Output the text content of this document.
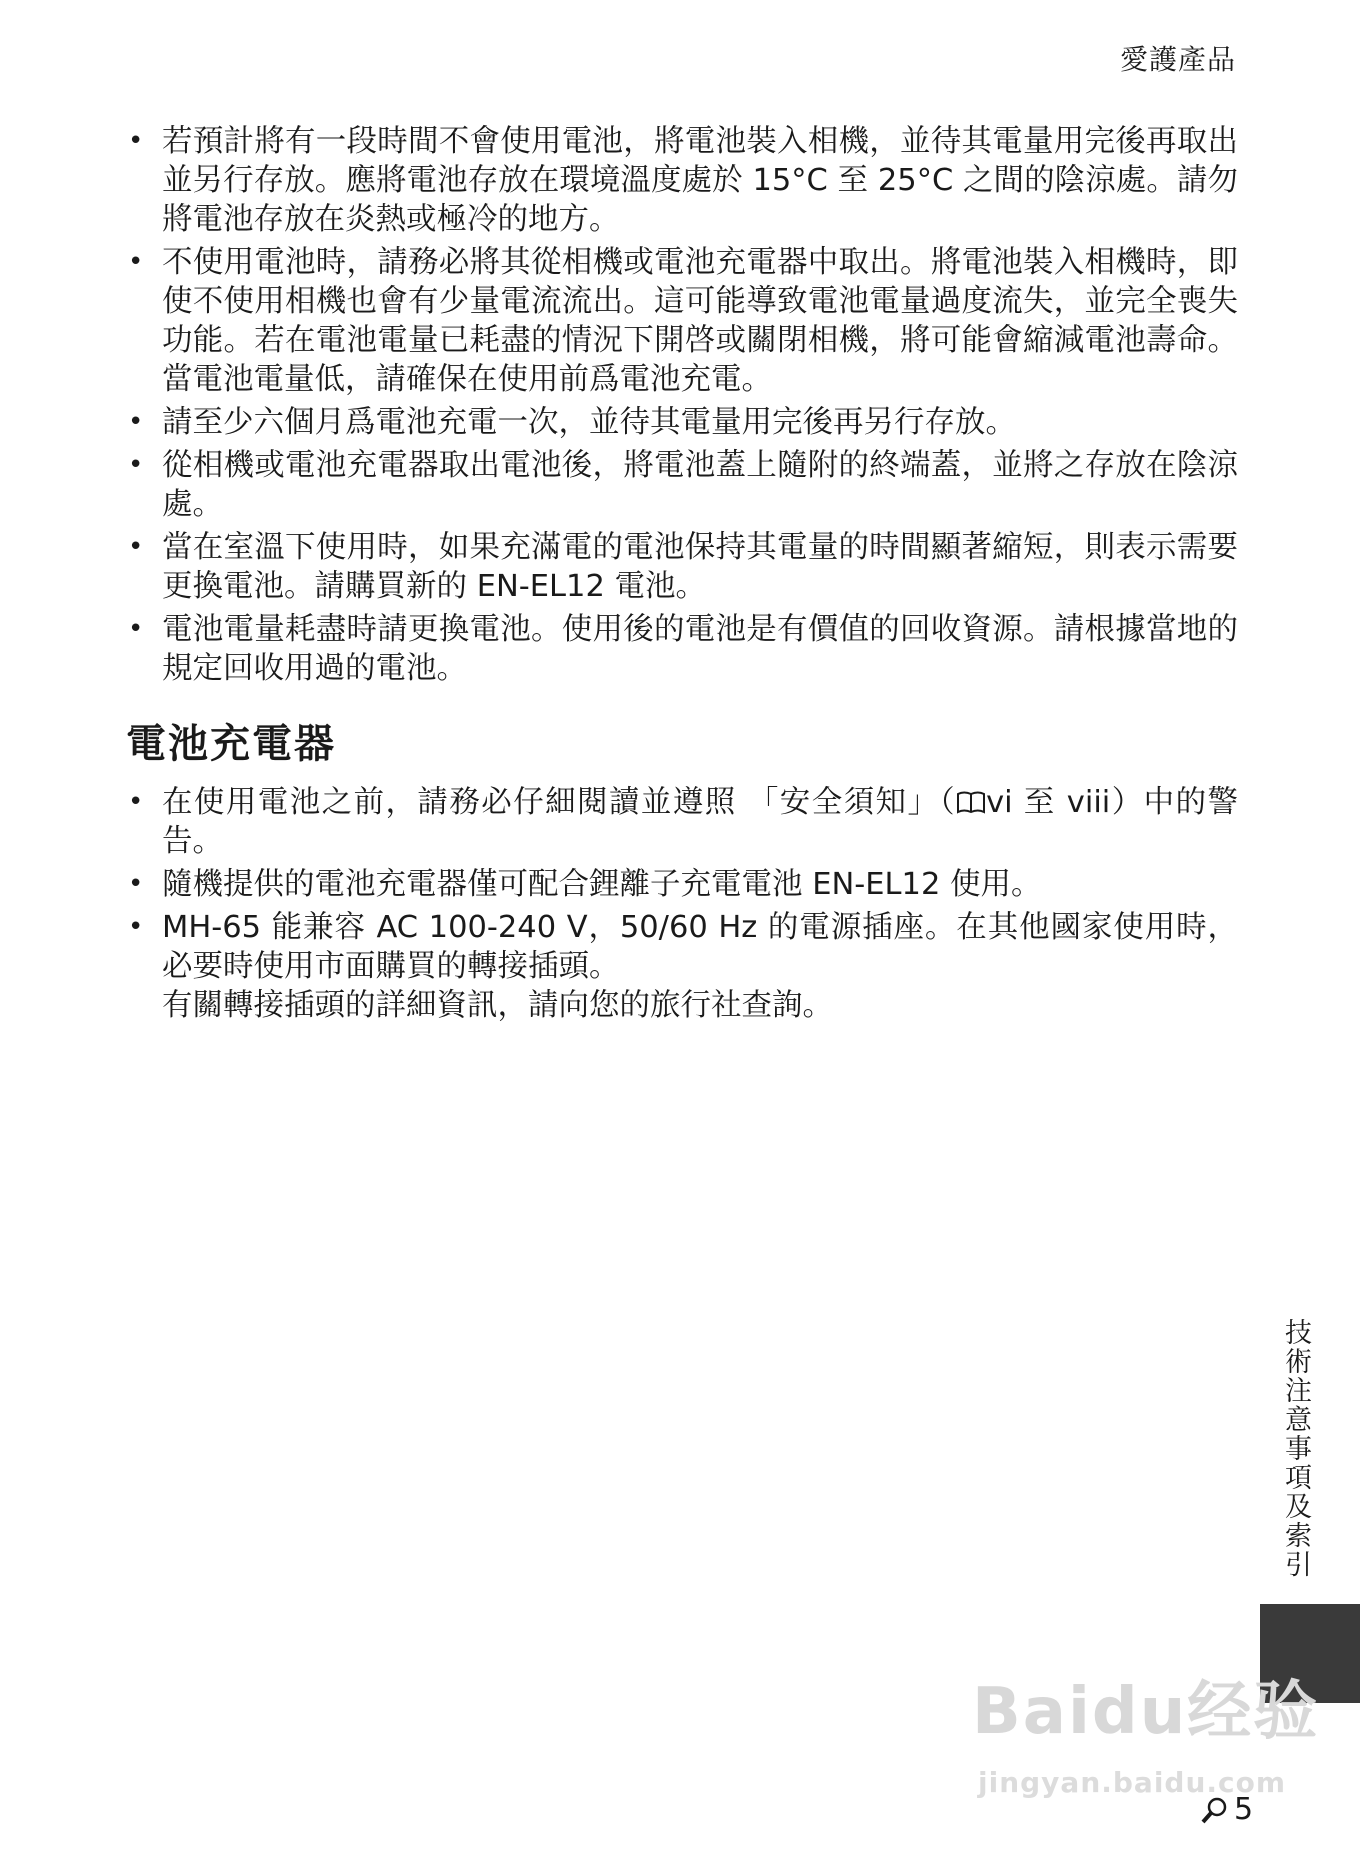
愛護產品
• 若預計將有一段時間不會使用電池，將電池裝入相機，並待其電量用完後再取出並另行存放。應將電池存放在環境溫度處於 15°C 至 25°C 之間的陰涼處。請勿將電池存放在炎熱或極冷的地方。
• 不使用電池時，請務必將其從相機或電池充電器中取出。將電池裝入相機時，即使不使用相機也會有少量電流流出。這可能導致電池電量過度流失，並完全喪失功能。若在電池電量已耗盡的情況下開啓或關閉相機，將可能會縮減電池壽命。當電池電量低，請確保在使用前爲電池充電。
• 請至少六個月爲電池充電一次，並待其電量用完後再另行存放。
• 從相機或電池充電器取出電池後，將電池蓋上隨附的終端蓋，並將之存放在陰涼處。
• 當在室溫下使用時，如果充滿電的電池保持其電量的時間顯著縮短，則表示需要更換電池。請購買新的 EN-EL12 電池。
• 電池電量耗盡時請更換電池。使用後的電池是有價值的回收資源。請根據當地的規定回收用過的電池。
電池充電器
• 在使用電池之前，請務必仔細閱讀並遵照 「安全須知」（ vi 至 viii）中的警告。
• 隨機提供的電池充電器僅可配合鋰離子充電電池 EN-EL12 使用。
• MH-65 能兼容 AC 100-240 V，50/60 Hz 的電源插座。在其他國家使用時，必要時使用市面購買的轉接插頭。
有關轉接插頭的詳細資訊，請向您的旅行社查詢。
技術注意事項及索引
Baidu经验
jingyan.baidu.com
5
